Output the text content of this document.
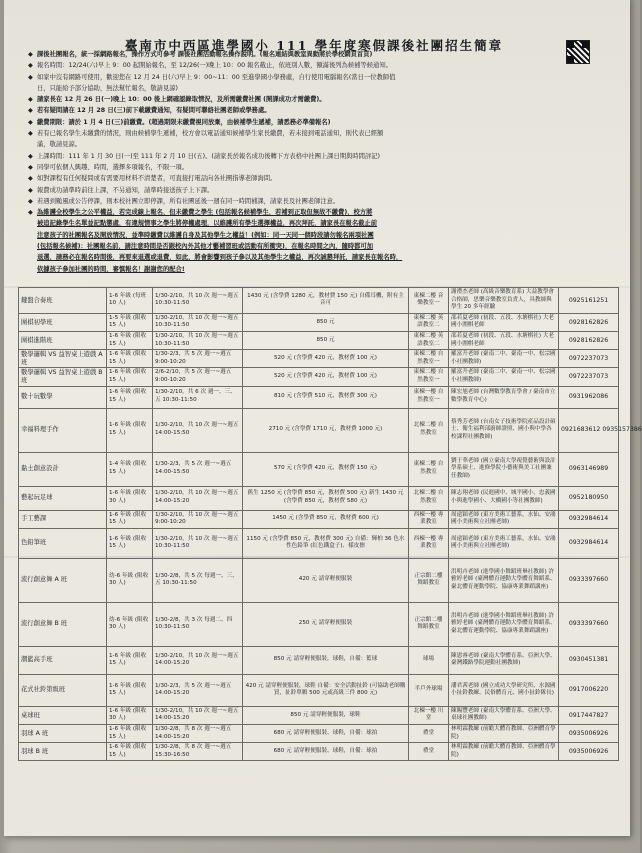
臺南市中西區進學國小 111 學年度寒假課後社團招生簡章
◆ 課後社團報名，統一採網路報名，操作方式可參考 課後社團活動報名操作說明。(報名連結與教室異動將於學校網頁首頁)
◆ 報名時間：12/24(六)早上 9：00 起開始報名，至 12/26(一)晚上 10：00 報名截止，依班別人數，額滿後列為候補等候通知。
◆ 如家中沒有網路可使用，歡迎您在 12 月 24 日(六)早上 9：00~11：00 至進學國小學務處，自行使用電腦報名(當日一位教師值
日，只能給予部分協助，無法幫忙報名，敬請見諒)
◆ 請家長在 12 月 26 日(一)晚上 10：00 後上網確認錄取情況，及所需繳費社團 (開課成功才需繳費)。
◆ 若有疑問請在 12 月 28 日(三)前下載繳費通知，有疑問可聯絡社團老師或學務處。
◆ 繳費期限：請於 1 月 4 日(三)前繳費。(超過期限未繳費視同放棄，由候補學生遞補，請悉務必準備報名)
◆ 若有已報名學生未繳費的情況，則由候補學生遞補，校方會以電話通知候補學生家長繳費，若未接到電話通知，則代表已經額
滿，敬請見諒。
◆ 上課時間：111 年 1 月 30 日(一)至 111 年 2 月 10 日(五)。(請家長於報名成功後轉下方表格中社團上課日期與時間評記)
◆ 同學可依個人興趣、時間，選擇多項報名，不限一項。
◆ 如對課程有任何疑問或有需要用材料不清楚者，可直接打電話向各社團指導老師詢問。
◆ 報費成功請準時前往上課，不另通知，請準時接送孩子上下課。
◆ 若遇到颱風或公告停課，則本校社團立即停課，所有社團延後一週在同一時間補課，請家長及社團老師注意。
◆ 為維護全校學生之公平權益，若完成線上報名，但未繳費之學生 (包括報名候補學生，若補到正取但無故不繳費)，校方將
被追記錄學生名單並記點懲處，有違規情事之學生將停權處理，以維護所有學生選擇權益，再次拜託，請家長在報名截止前
注意孩子的社團報名及開放情況，並準時繳費以維護自身及其他學生之權益！(例如：同一天同一個時段請勿報名兩項社團
(包括報名候補)：社團報名前，請注意時間是否跟校內外其他才藝補習班或活動有所衝突)，在報名時間之內，隨時都可加
退選，請務必在報名時間後，再要來退選或退費，如此，將會影響到孩子參以及其他學生之權益，再次誠懇拜託，請家長在報名時，
依據孩子參加社團的時間，審慎報名！謝謝您的配合!
鍵盤合奏班	1-6 年級 (每班 10 人)	1/30-2/10，共 10 次 週一~週五 10:30-11:50	1430 元 (含學費 1280 元，教材費 150 元) 自備耳機，附有主音可	東棟二樓 音樂教室一	謝禮杰老師 (高級音樂教育系) 大益教學會合格師，思樂音樂教室負責人，具教師與學生 20 多年經驗	0925161251
圍棋初學班	1-5 年級 (限收 15 人)	1/30-2/10，共 10 次 週一~週五 10:30-11:50	850 元	東棟二樓 英語教室二	邵若夏老師 (初段、五段、水塘棋社) 大老國小圍棋老師	0928162826
圍棋進階班	1-6 年級 (限收 15 人)	1/30-2/10，共 10 次 週一~週五 10:30-11:50	850 元	東棟二樓 英語教室二	邵若夏老師 (初段、五段、水塘棋社) 大老國小圍棋老師	0928162826
數學邏輯 VS 益智桌上遊戲 A 班	1-6 年級 (限收 15 人)	1/30-2/3，共 5 次 週一~週五 9:00-10:20	520 元 (含學費 420 元，教材費 100 元)	東棟二樓 自然教室一	羅富升老師 (臺南二中、臺南一中、松宗國小社團教師)	0972237073
數學邏輯 VS 益智桌上遊戲 B 班	1-6 年級 (限收 15 人)	2/6-2/10，共 5 次 週一~週五 9:00-10:20	520 元 (含學費 420 元，教材費 100 元)	東棟二樓 自然教室一	羅富升老師 (臺南二中、臺南一中、松宗國小社團教師)	0972237073
數十玩數學	1-6 年級 (限收 15 人)	1/30-2/10，共 6 次 週一、三、五 10:30-11:50	810 元 (含學費 510 元，教材費 300 元)	東棟一樓 自然教室一	陳宏旭老師 (台灣數學教育學會 / 臺南市立數學教育中心)	0931962086
幸福料理手作	1-6 年級 (限收 15 人)	1/30-2/10，共 10 次 週一~週五 14:00-15:50	2710 元 (含學費 1710 元，教材費 1000 元)	北棟二樓 自然教室	蔡秀芳老師 (台南女子技術學院產品設計碩士、衛生福利部廚師證照、國小與中學各校課程社團教師)	0921683612 0935157386
黏土創意設計	1-4 年級 (限收 15 人)	1/30-2/3，共 5 次 週一~週五 14:00-15:50	570 元 (含學費 420 元，教材費 150 元)	東棟二樓 自然教室	劉于華老師 (國立臺南大學視覺藝術與設計學系碩士、進修學院小藝術與美工社團兼任教師)	0963146989
藝起玩足球	1-6 年級 (限收 30 人)	1/30-2/10，共 10 次 週一~週五 14:00-15:20	舊生 1250 元 (含學費 850 元，教材費 500 元) 新生 1430 元 (含學費 850 元，教材費 580 元)	北棟二樓 自然教室	陳志翔老師 (民進國中、城平國小、忠義國小與進學國小、大橋國小等社團教師)	0952180950
手工藝課	1-6 年級 (限收 15 人)	1/30-2/10，共 10 次 週一~週五 9:00-10:20	1450 元 (含學費 850 元，教材費 600 元)	西棟一樓 專業教室	周遠穎老師 (東方美術工藝系，水仙、安鴻國小美術與立社團老師)	0932984614
色鉛筆班	1-6 年級 (限收 15 人)	1/30-2/10，共 10 次 週一~週五 10:30-11:50	1150 元 (含學費 850 元，教材費 300 元) 自備：輝柏 36 色水性色鉛筆 (紅色鐵盒子)、樣皮擦	西棟一樓 專業教室	周遠穎老師 (東方美術工藝系，水仙、安鴻國小美術與立社團老師)	0932984614
流行創意舞 A 班	幼-6 年級 (限收 30 人)	1/30-2/8，共 5 次 每週一、三、五 10:30-11:50	420 元 請穿輕便服裝	正宗館二樓 舞蹈教室	洪明卉老師 (進學國小舞蹈班畢社教師) 許雅婷老師 (臺灣體育運動大學體育舞蹈系、臺北體育運動學院、協康專業舞蹈講座)	0933397660
流行創意舞 B 班	幼-6 年級 (限收 30 人)	1/30-2/8，共 3 次 每週二、四 10:30-11:50	250 元 請穿輕便服裝	正宗館二樓 舞蹈教室	洪明卉老師 (進學國小舞蹈班畢社教師) 許雅婷老師 (臺灣體育運動大學體育舞蹈系、臺北體育運動學院、協康專業舞蹈講座)	0933397660
潮籃高手班	1-6 年級 (限收 15 人)	1/30-2/10，共 10 次 週一~週五 14:00-15:20	850 元 請穿輕便服裝，球鞋，自備：籃球	球場	陳恩睿老師 (臺南大學體育系、亞洲大學、臺灣鐵路學院運動社團教師)	0930451381
花式社鈴第級班	1-6 年級 (限收 15 人)	1/30-2/3，共 5 次 週一~週五 14:00-15:20	420 元 請穿輕便服裝，球鞋 自備：安全活動扯鈴 (可協助老師購買，扯鈴單顆 500 元或高級三件 800 元)	半戶外球場	潘君茜老師 (國立成功大學研究所、水源國小扯鈴教練、民俗體育元、國小扯鈴隊長)	0917006220
桌球班	1-6 年級 (限收 30 人)	1/30-2/10，共 10 次 週一~週五 14:00-15:20	850 元 請穿輕便服裝，球鞋	北棟一樓 川堂	陳賜豐老師 (臺南大學體育系、亞洲大學、桌球社團教師)	0917447827
羽球 A 班	1-6 年級 (限收 15 人)	1/30-2/8，共 8 次 週一~週五 14:00-15:20	680 元 請穿輕便服裝、球鞋，自備：球拍	禮堂	林明霖教練 (前瞻大體育教師、亞洲體育學院)	0935006926
羽球 B 班	1-6 年級 (限收 15 人)	1/30-2/8，共 8 次 週一~週五 15:30-16:50	680 元 請穿輕便服裝、球鞋，自備：球拍	禮堂	林明霖教練 (前瞻大體育教師、亞洲體育學院)	0935006926
